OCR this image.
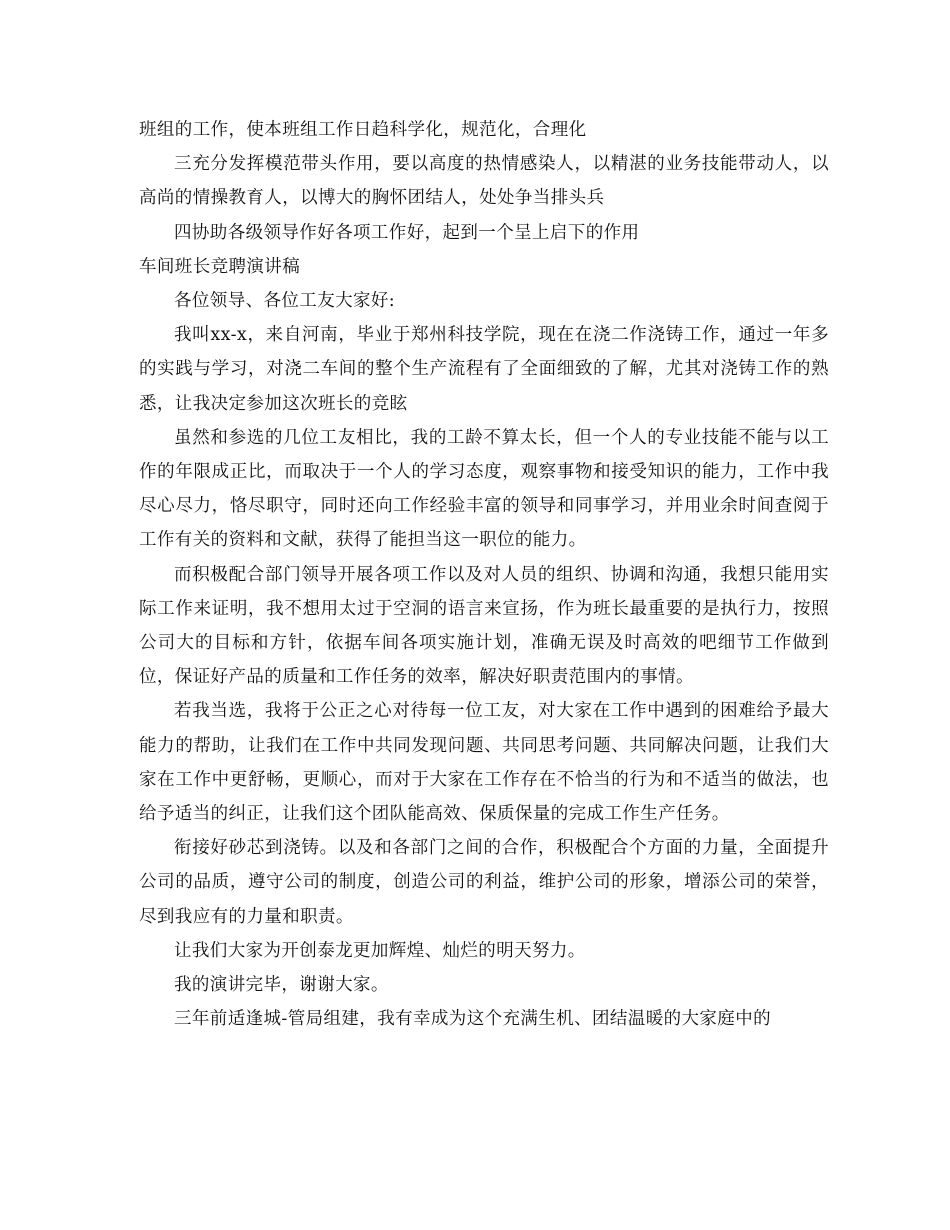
班组的工作，使本班组工作日趋科学化，规范化，合理化

三充分发挥模范带头作用，要以高度的热情感染人，以精湛的业务技能带动人，以高尚的情操教育人，以博大的胸怀团结人，处处争当排头兵

四协助各级领导作好各项工作好，起到一个呈上启下的作用

车间班长竞聘演讲稿

各位领导、各位工友大家好:

我叫xx-x，来自河南，毕业于郑州科技学院，现在在浇二作浇铸工作，通过一年多的实践与学习，对浇二车间的整个生产流程有了全面细致的了解，尤其对浇铸工作的熟悉，让我决定参加这次班长的竞眩

虽然和参选的几位工友相比，我的工龄不算太长，但一个人的专业技能不能与以工作的年限成正比，而取决于一个人的学习态度，观察事物和接受知识的能力，工作中我尽心尽力，恪尽职守，同时还向工作经验丰富的领导和同事学习，并用业余时间查阅于工作有关的资料和文献，获得了能担当这一职位的能力。

而积极配合部门领导开展各项工作以及对人员的组织、协调和沟通，我想只能用实际工作来证明，我不想用太过于空洞的语言来宣扬，作为班长最重要的是执行力，按照公司大的目标和方针，依据车间各项实施计划，准确无误及时高效的吧细节工作做到位，保证好产品的质量和工作任务的效率，解决好职责范围内的事情。

若我当选，我将于公正之心对待每一位工友，对大家在工作中遇到的困难给予最大能力的帮助，让我们在工作中共同发现问题、共同思考问题、共同解决问题，让我们大家在工作中更舒畅，更顺心，而对于大家在工作存在不恰当的行为和不适当的做法，也给予适当的纠正，让我们这个团队能高效、保质保量的完成工作生产任务。

衔接好砂芯到浇铸。以及和各部门之间的合作，积极配合个方面的力量，全面提升公司的品质，遵守公司的制度，创造公司的利益，维护公司的形象，增添公司的荣誉，尽到我应有的力量和职责。

让我们大家为开创泰龙更加辉煌、灿烂的明天努力。

我的演讲完毕，谢谢大家。

三年前适逢城-管局组建，我有幸成为这个充满生机、团结温暖的大家庭中的
